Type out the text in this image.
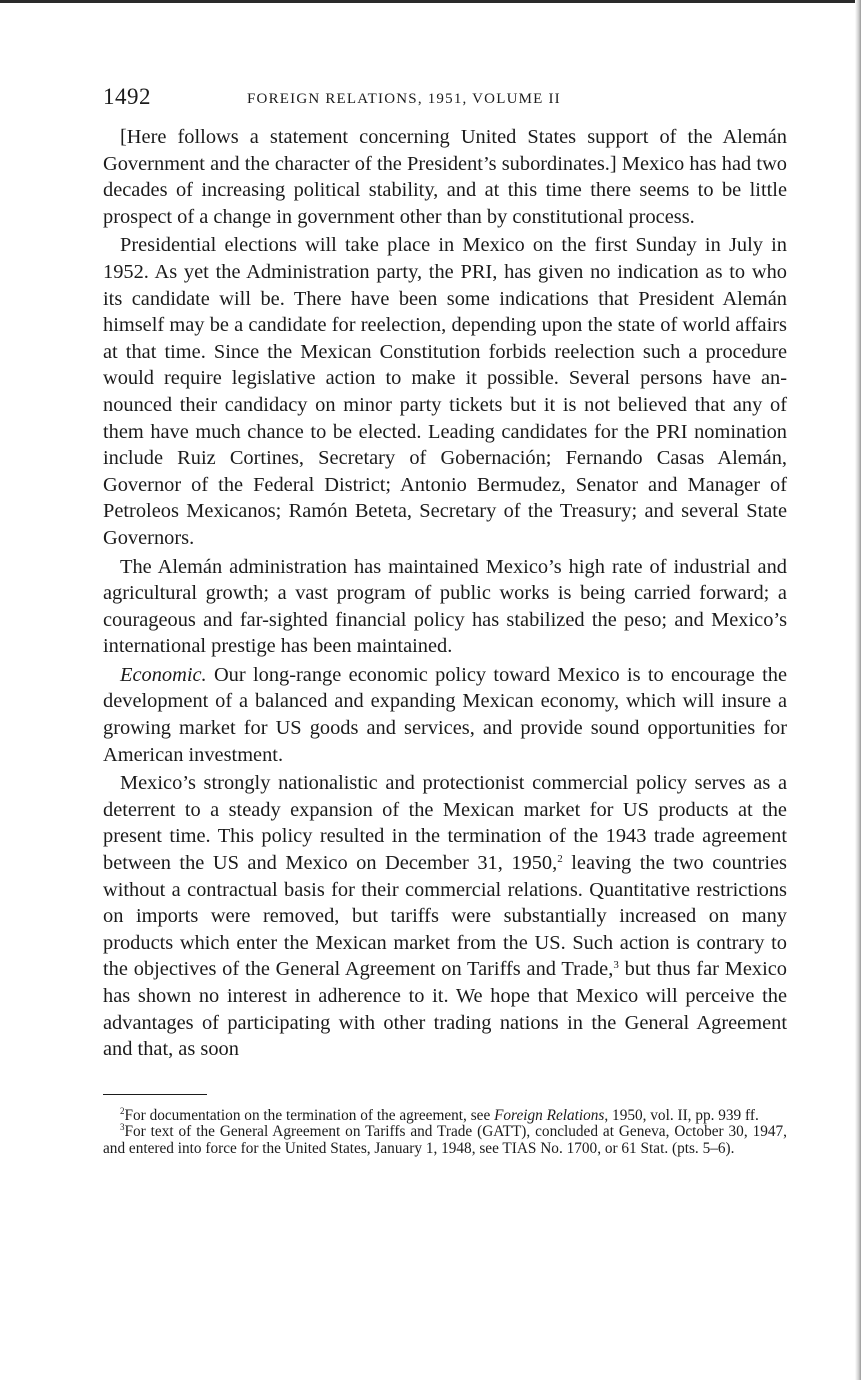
1492	FOREIGN RELATIONS, 1951, VOLUME II

[Here follows a statement concerning United States support of the Alemán Government and the character of the President’s subordinates.] Mexico has had two decades of increasing political stability, and at this time there seems to be little prospect of a change in government other than by constitutional process.

Presidential elections will take place in Mexico on the first Sunday in July in 1952. As yet the Administration party, the PRI, has given no indication as to who its candidate will be. There have been some indications that President Alemán himself may be a candidate for reelection, depending upon the state of world affairs at that time. Since the Mexican Constitution forbids reelection such a procedure would require legislative action to make it possible. Several persons have announced their candidacy on minor party tickets but it is not believed that any of them have much chance to be elected. Leading candidates for the PRI nomination include Ruiz Cortines, Secretary of Gobernación; Fernando Casas Alemán, Governor of the Federal District; Antonio Bermudez, Senator and Manager of Petroleos Mexicanos; Ramón Beteta, Secretary of the Treasury; and several State Governors.

The Alemán administration has maintained Mexico’s high rate of industrial and agricultural growth; a vast program of public works is being carried forward; a courageous and far-sighted financial policy has stabilized the peso; and Mexico’s international prestige has been maintained.

Economic. Our long-range economic policy toward Mexico is to encourage the development of a balanced and expanding Mexican economy, which will insure a growing market for US goods and services, and provide sound opportunities for American investment.

Mexico’s strongly nationalistic and protectionist commercial policy serves as a deterrent to a steady expansion of the Mexican market for US products at the present time. This policy resulted in the termination of the 1943 trade agreement between the US and Mexico on December 31, 1950,$^2$ leaving the two countries without a contractual basis for their commercial relations. Quantitative restrictions on imports were removed, but tariffs were substantially increased on many products which enter the Mexican market from the US. Such action is contrary to the objectives of the General Agreement on Tariffs and Trade,$^3$ but thus far Mexico has shown no interest in adherence to it. We hope that Mexico will perceive the advantages of participating with other trading nations in the General Agreement and that, as soon

$^2$For documentation on the termination of the agreement, see Foreign Relations, 1950, vol. II, pp. 939 ff.

$^3$For text of the General Agreement on Tariffs and Trade (GATT), concluded at Geneva, October 30, 1947, and entered into force for the United States, January 1, 1948, see TIAS No. 1700, or 61 Stat. (pts. 5–6).
